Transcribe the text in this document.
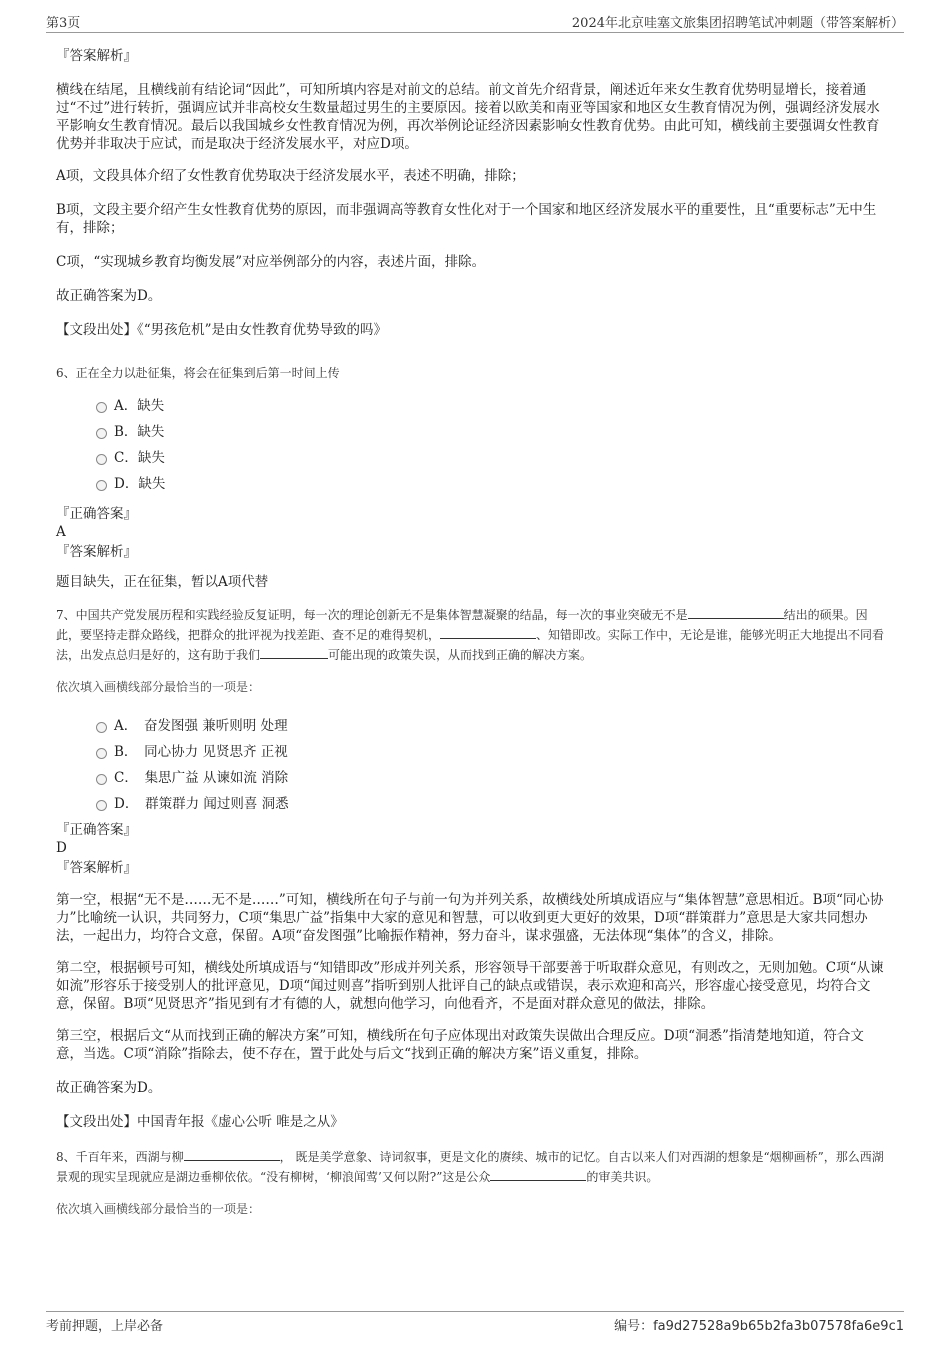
第3页	2024年北京哇塞文旅集团招聘笔试冲刺题（带答案解析）

『答案解析』

横线在结尾，且横线前有结论词“因此”，可知所填内容是对前文的总结。前文首先介绍背景，阐述近年来女生教育优势明显增长，接着通过“不过”进行转折，强调应试并非高校女生数量超过男生的主要原因。接着以欧美和南亚等国家和地区女生教育情况为例，强调经济发展水平影响女生教育情况。最后以我国城乡女性教育情况为例，再次举例论证经济因素影响女性教育优势。由此可知，横线前主要强调女性教育优势并非取决于应试，而是取决于经济发展水平，对应D项。

A项，文段具体介绍了女性教育优势取决于经济发展水平，表述不明确，排除；

B项，文段主要介绍产生女性教育优势的原因，而非强调高等教育女性化对于一个国家和地区经济发展水平的重要性，且“重要标志”无中生有，排除；

C项，“实现城乡教育均衡发展”对应举例部分的内容，表述片面，排除。

故正确答案为D。

【文段出处】《“男孩危机”是由女性教育优势导致的吗》

6、正在全力以赴征集，将会在征集到后第一时间上传

A．缺失
B．缺失
C．缺失
D．缺失

『正确答案』

A

『答案解析』

题目缺失，正在征集，暂以A项代替

7、中国共产党发展历程和实践经验反复证明，每一次的理论创新无不是集体智慧凝聚的结晶，每一次的事业突破无不是	结出的硕果。因此，要坚持走群众路线，把群众的批评视为找差距、查不足的难得契机，	、知错即改。实际工作中，无论是谁，能够光明正大地提出不同看法，出发点总归是好的，这有助于我们	可能出现的政策失误，从而找到正确的解决方案。

依次填入画横线部分最恰当的一项是：

A．　奋发图强 兼听则明 处理
B．　同心协力 见贤思齐 正视
C．　集思广益 从谏如流 消除
D．　群策群力 闻过则喜 洞悉

『正确答案』

D

『答案解析』

第一空，根据“无不是……无不是……”可知，横线所在句子与前一句为并列关系，故横线处所填成语应与“集体智慧”意思相近。B项“同心协力”比喻统一认识，共同努力，C项“集思广益”指集中大家的意见和智慧，可以收到更大更好的效果，D项“群策群力”意思是大家共同想办法，一起出力，均符合文意，保留。A项“奋发图强”比喻振作精神，努力奋斗，谋求强盛，无法体现“集体”的含义，排除。

第二空，根据顿号可知，横线处所填成语与“知错即改”形成并列关系，形容领导干部要善于听取群众意见，有则改之，无则加勉。C项“从谏如流”形容乐于接受别人的批评意见，D项“闻过则喜”指听到别人批评自己的缺点或错误，表示欢迎和高兴，形容虚心接受意见，均符合文意，保留。B项“见贤思齐”指见到有才有德的人，就想向他学习，向他看齐，不是面对群众意见的做法，排除。

第三空，根据后文“从而找到正确的解决方案”可知，横线所在句子应体现出对政策失误做出合理反应。D项“洞悉”指清楚地知道，符合文意，当选。C项“消除”指除去，使不存在，置于此处与后文“找到正确的解决方案”语义重复，排除。

故正确答案为D。

【文段出处】中国青年报《虚心公听 唯是之从》

8、千百年来，西湖与柳	， 既是美学意象、诗词叙事，更是文化的赓续、城市的记忆。自古以来人们对西湖的想象是“烟柳画桥”，那么西湖景观的现实呈现就应是湖边垂柳依依。“没有柳树，‘柳浪闻莺’又何以附?”这是公众	的审美共识。

依次填入画横线部分最恰当的一项是：

考前押题，上岸必备	编号：fa9d27528a9b65b2fa3b07578fa6e9c1
